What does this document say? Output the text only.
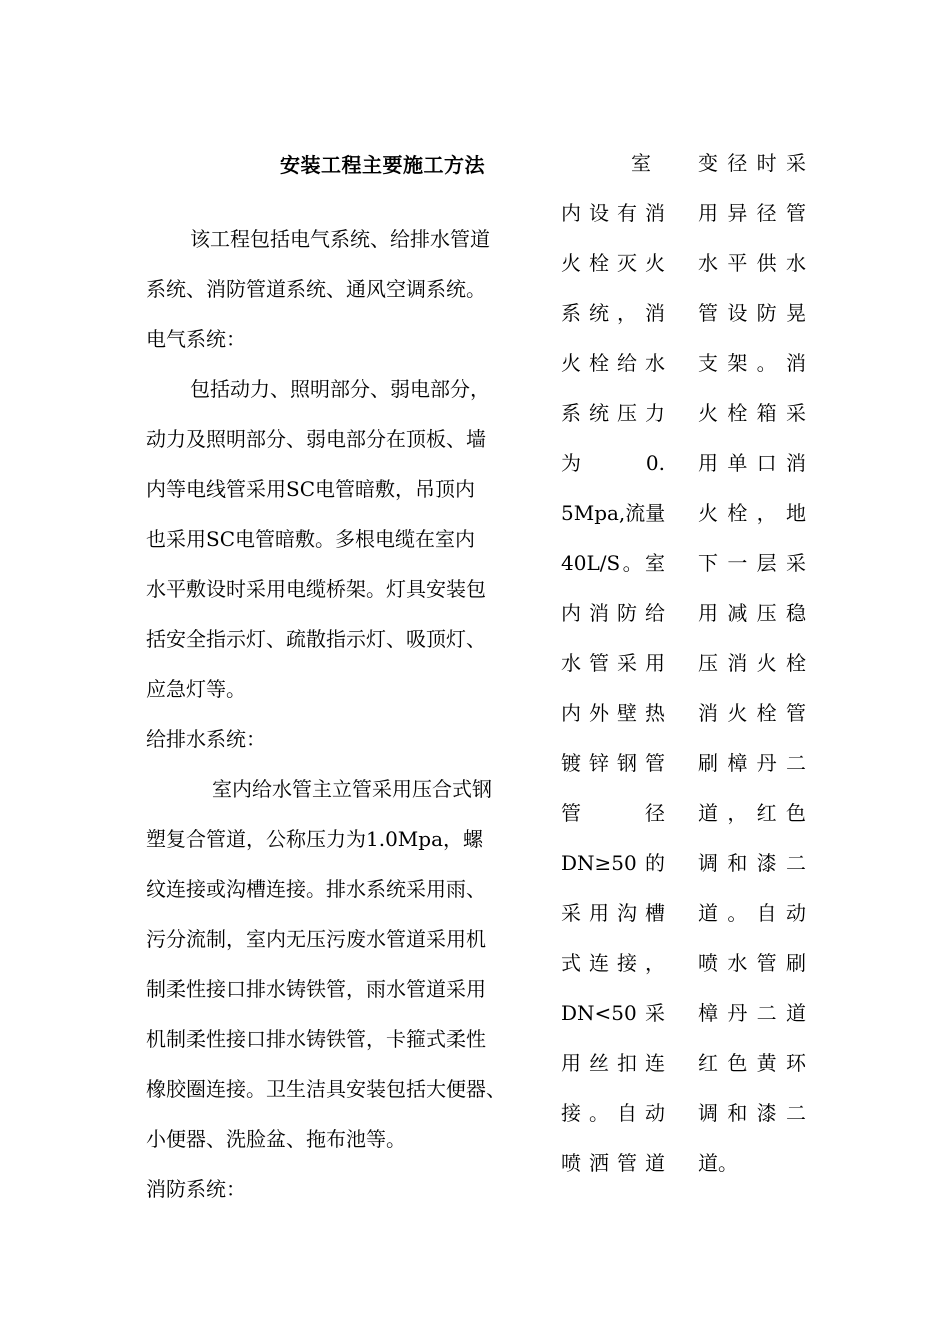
安装工程主要施工方法

该工程包括电气系统、给排水管道

系统、消防管道系统、通风空调系统。

电气系统：

包括动力、照明部分、弱电部分，

动力及照明部分、弱电部分在顶板、墙

内等电线管采用SC电管暗敷，吊顶内

也采用SC电管暗敷。多根电缆在室内

水平敷设时采用电缆桥架。灯具安装包

括安全指示灯、疏散指示灯、吸顶灯、

应急灯等。

给排水系统：

室内给水管主立管采用压合式钢

塑复合管道，公称压力为1.0Mpa，螺

纹连接或沟槽连接。排水系统采用雨、

污分流制，室内无压污废水管道采用机

制柔性接口排水铸铁管，雨水管道采用

机制柔性接口排水铸铁管，卡箍式柔性

橡胶圈连接。卫生洁具安装包括大便器、

小便器、洗脸盆、拖布池等。

消防系统：

室

内设有消

火栓灭火

系统，消

火栓给水

系统压力

为　　0.

5Mpa,流量

40L/S。室

内消防给

水管采用

内外壁热

镀锌钢管

管　　径

DN≥50 的

采用沟槽

式连接，

DN<50 采

用丝扣连

接。自动

喷洒管道

变径时采

用异径管

水平供水

管设防晃

支架。消

火栓箱采

用单口消

火栓，地

下一层采

用减压稳

压消火栓

消火栓管

刷樟丹二

道，红色

调和漆二

道。自动

喷水管刷

樟丹二道

红色黄环

调和漆二

道。
